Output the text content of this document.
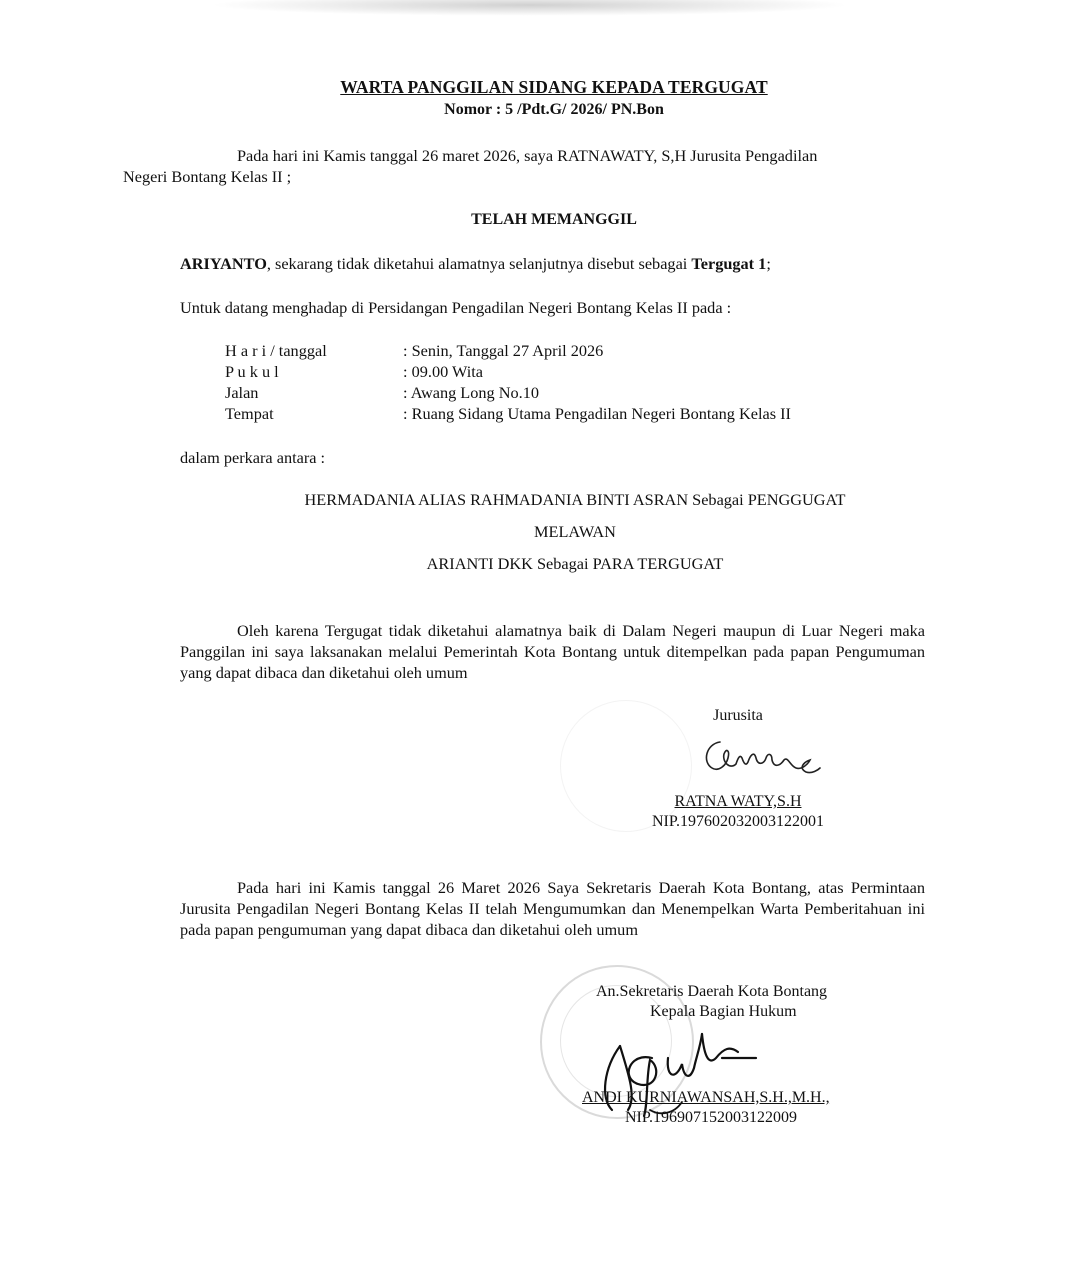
WARTA PANGGILAN SIDANG KEPADA TERGUGAT
Nomor : 5 /Pdt.G/ 2026/ PN.Bon
Pada hari ini Kamis tanggal 26 maret 2026, saya RATNAWATY, S,H Jurusita Pengadilan
Negeri Bontang Kelas II ;
TELAH MEMANGGIL
ARIYANTO, sekarang tidak diketahui alamatnya selanjutnya disebut sebagai Tergugat 1;
Untuk datang menghadap di Persidangan Pengadilan Negeri Bontang Kelas II pada :
H a r i / tanggal	: Senin, Tanggal 27 April 2026
P u k u l	: 09.00 Wita
Jalan	: Awang Long No.10
Tempat	: Ruang Sidang Utama Pengadilan Negeri Bontang Kelas II
dalam perkara antara :
HERMADANIA ALIAS RAHMADANIA BINTI ASRAN Sebagai PENGGUGAT
MELAWAN
ARIANTI DKK Sebagai PARA TERGUGAT
Oleh karena Tergugat tidak diketahui alamatnya baik di Dalam Negeri maupun di Luar Negeri maka Panggilan ini saya laksanakan melalui Pemerintah Kota Bontang untuk ditempelkan pada papan Pengumuman yang dapat dibaca dan diketahui oleh umum
Jurusita
RATNA WATY,S.H
NIP.197602032003122001
Pada hari ini Kamis tanggal 26 Maret 2026 Saya Sekretaris Daerah Kota Bontang, atas Permintaan Jurusita Pengadilan Negeri Bontang Kelas II telah Mengumumkan dan Menempelkan Warta Pemberitahuan ini pada papan pengumuman yang dapat dibaca dan diketahui oleh umum
An.Sekretaris Daerah Kota Bontang
Kepala Bagian Hukum
ANDI KURNIAWANSAH,S.H.,M.H.,
NIP.196907152003122009
